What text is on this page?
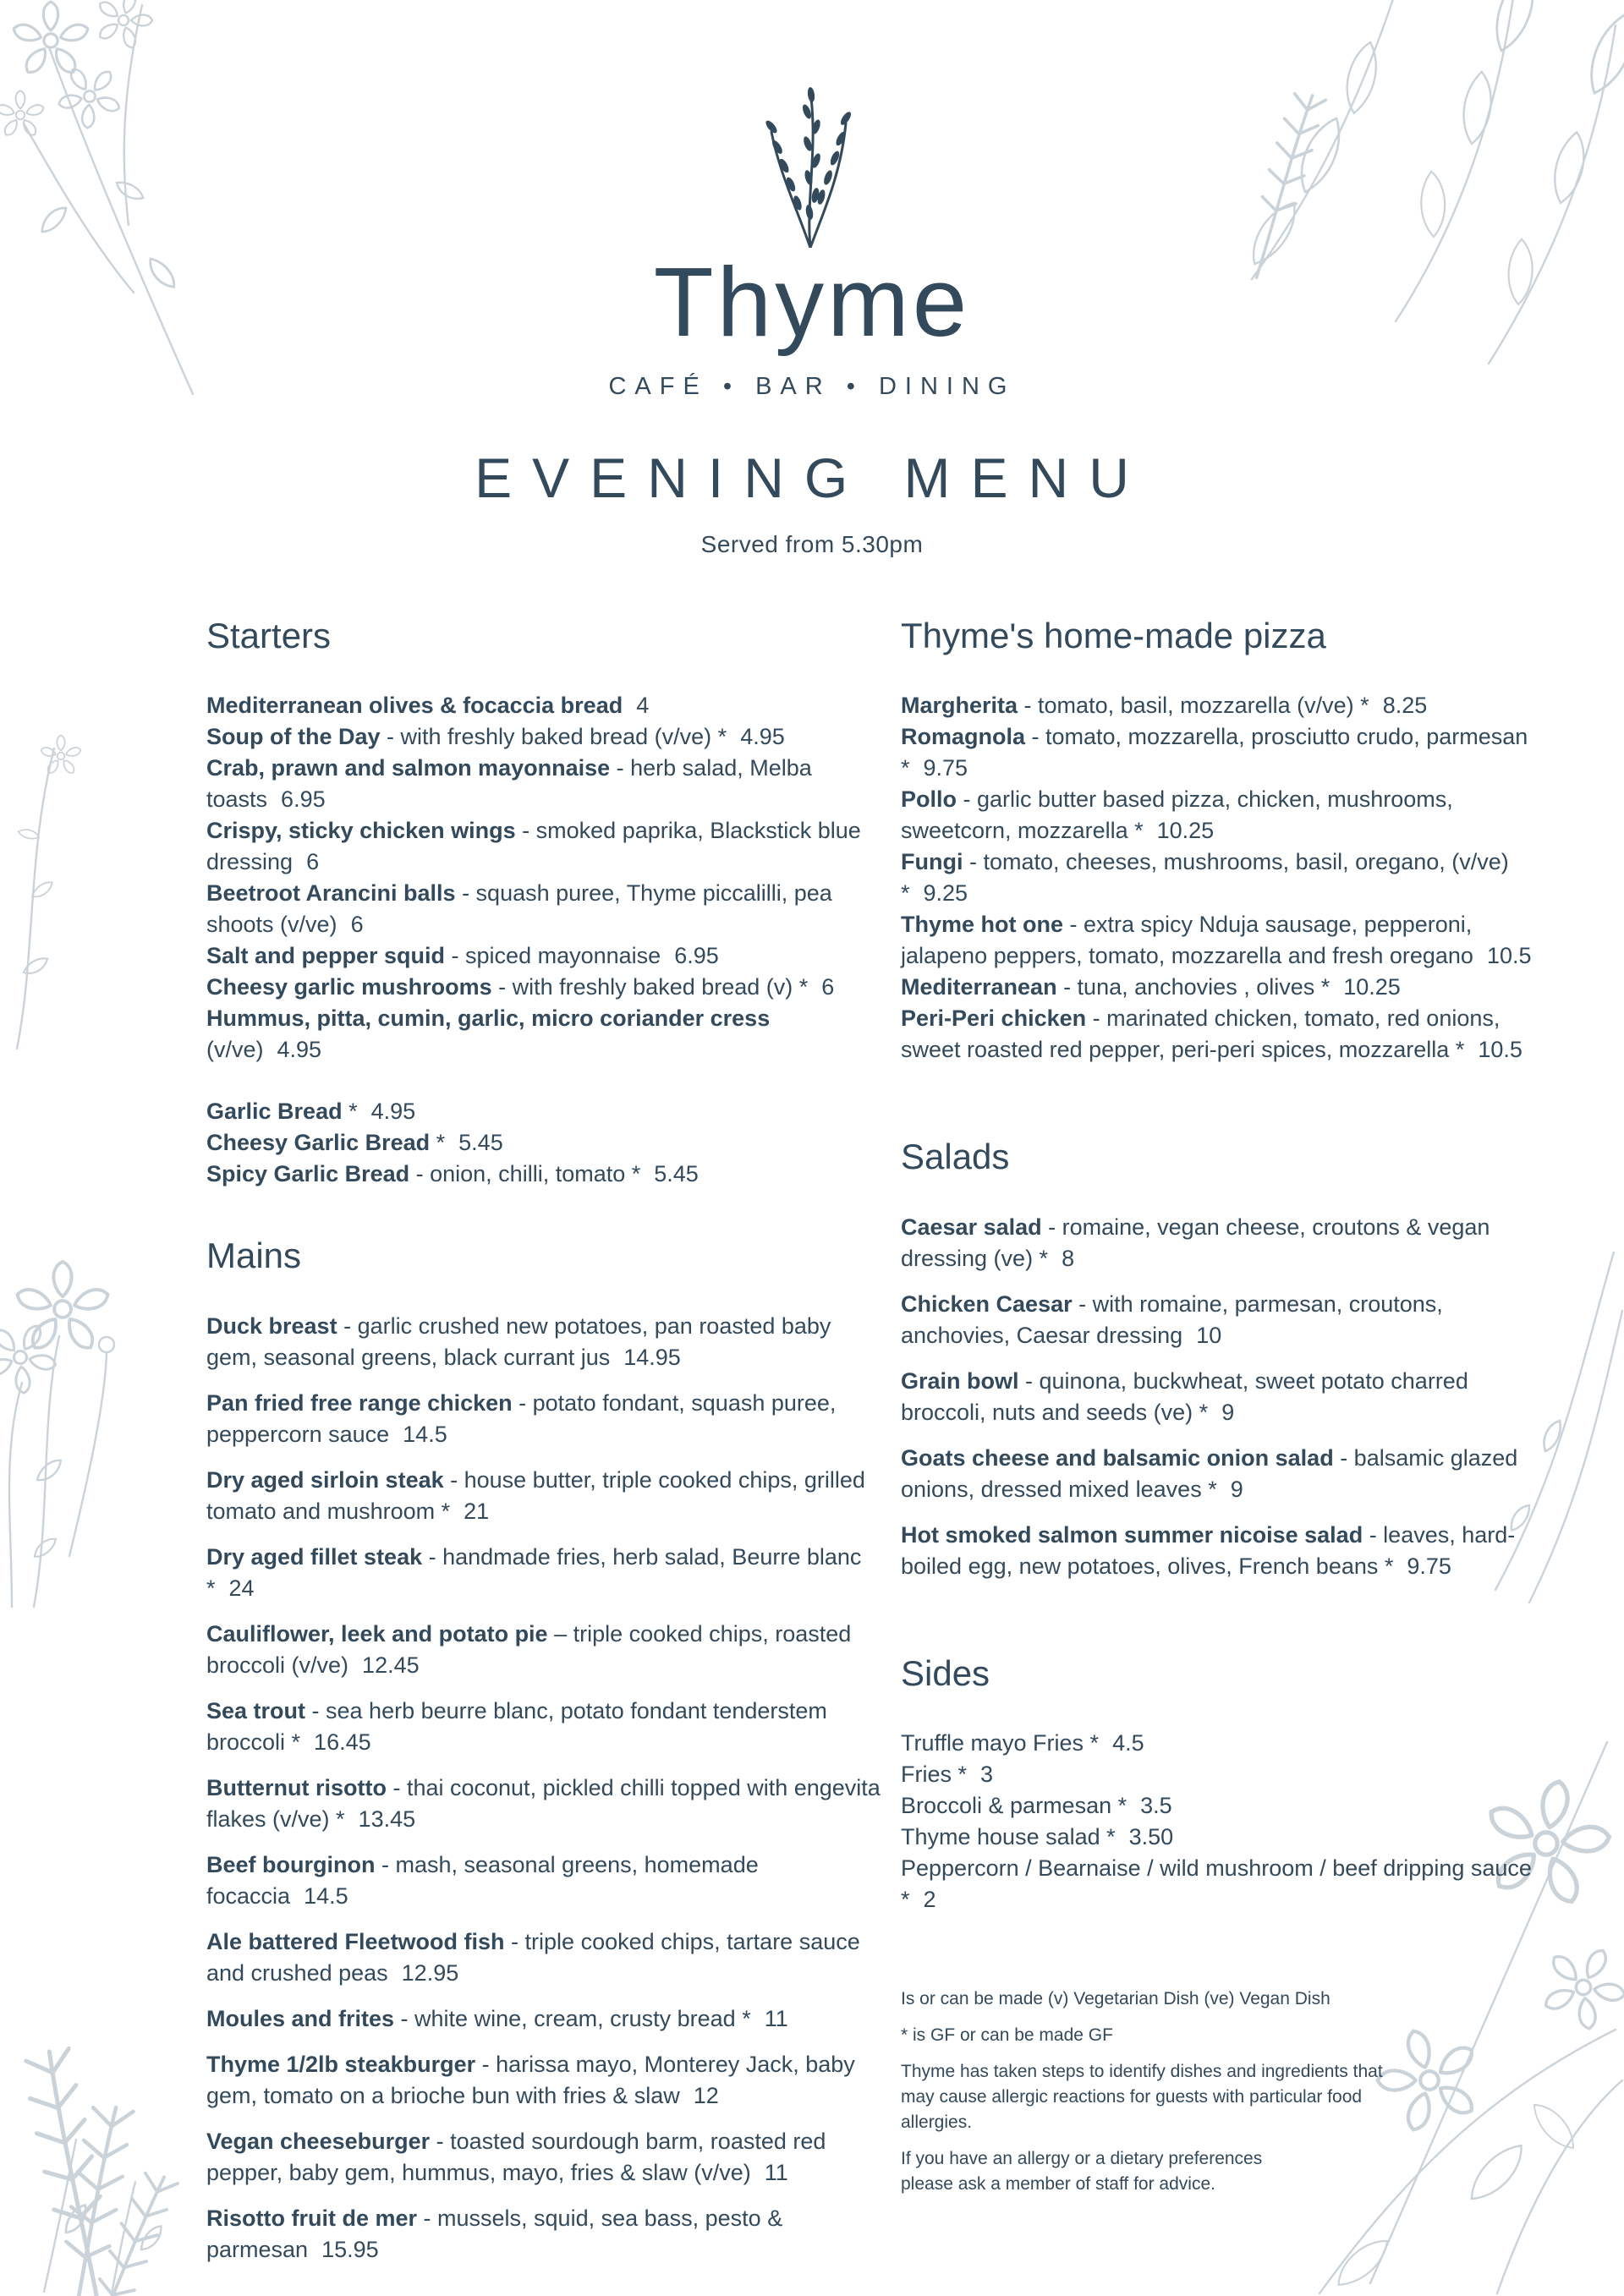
Thyme
CAFÉ • BAR • DINING
EVENING MENU
Served from 5.30pm
Starters

Mediterranean olives & focaccia bread 4

Soup of the Day - with freshly baked bread (v/ve) * 4.95

Crab, prawn and salmon mayonnaise - herb salad, Melba toasts 6.95

Crispy, sticky chicken wings - smoked paprika, Blackstick blue dressing 6

Beetroot Arancini balls - squash puree, Thyme piccalilli, pea shoots (v/ve) 6

Salt and pepper squid - spiced mayonnaise 6.95

Cheesy garlic mushrooms - with freshly baked bread (v) * 6

Hummus, pitta, cumin, garlic, micro coriander cress (v/ve) 4.95

Garlic Bread * 4.95

Cheesy Garlic Bread * 5.45

Spicy Garlic Bread - onion, chilli, tomato * 5.45

Mains

Duck breast - garlic crushed new potatoes, pan roasted baby gem, seasonal greens, black currant jus 14.95

Pan fried free range chicken - potato fondant, squash puree, peppercorn sauce 14.5

Dry aged sirloin steak - house butter, triple cooked chips, grilled tomato and mushroom * 21

Dry aged fillet steak - handmade fries, herb salad, Beurre blanc * 24

Cauliflower, leek and potato pie – triple cooked chips, roasted broccoli (v/ve) 12.45

Sea trout - sea herb beurre blanc, potato fondant tenderstem broccoli * 16.45

Butternut risotto - thai coconut, pickled chilli topped with engevita flakes (v/ve) * 13.45

Beef bourginon - mash, seasonal greens, homemade focaccia 14.5

Ale battered Fleetwood fish - triple cooked chips, tartare sauce and crushed peas 12.95

Moules and frites - white wine, cream, crusty bread * 11

Thyme 1/2lb steakburger - harissa mayo, Monterey Jack, baby gem, tomato on a brioche bun with fries & slaw 12

Vegan cheeseburger - toasted sourdough barm, roasted red pepper, baby gem, hummus, mayo, fries & slaw (v/ve) 11

Risotto fruit de mer - mussels, squid, sea bass, pesto & parmesan 15.95

Thyme's home-made pizza

Margherita - tomato, basil, mozzarella (v/ve) * 8.25

Romagnola - tomato, mozzarella, prosciutto crudo, parmesan * 9.75

Pollo - garlic butter based pizza, chicken, mushrooms, sweetcorn, mozzarella * 10.25

Fungi - tomato, cheeses, mushrooms, basil, oregano, (v/ve) * 9.25

Thyme hot one - extra spicy Nduja sausage, pepperoni, jalapeno peppers, tomato, mozzarella and fresh oregano 10.5

Mediterranean - tuna, anchovies , olives * 10.25

Peri-Peri chicken - marinated chicken, tomato, red onions, sweet roasted red pepper, peri-peri spices, mozzarella * 10.5

Salads

Caesar salad - romaine, vegan cheese, croutons & vegan dressing (ve) * 8

Chicken Caesar - with romaine, parmesan, croutons, anchovies, Caesar dressing 10

Grain bowl - quinona, buckwheat, sweet potato charred broccoli, nuts and seeds (ve) * 9

Goats cheese and balsamic onion salad - balsamic glazed onions, dressed mixed leaves * 9

Hot smoked salmon summer nicoise salad - leaves, hard-boiled egg, new potatoes, olives, French beans * 9.75

Sides

Truffle mayo Fries * 4.5

Fries * 3

Broccoli & parmesan * 3.5

Thyme house salad * 3.50

Peppercorn / Bearnaise / wild mushroom / beef dripping sauce * 2

Is or can be made (v) Vegetarian Dish (ve) Vegan Dish

* is GF or can be made GF

Thyme has taken steps to identify dishes and ingredients that may cause allergic reactions for guests with particular food allergies.

If you have an allergy or a dietary preferences please ask a member of staff for advice.
